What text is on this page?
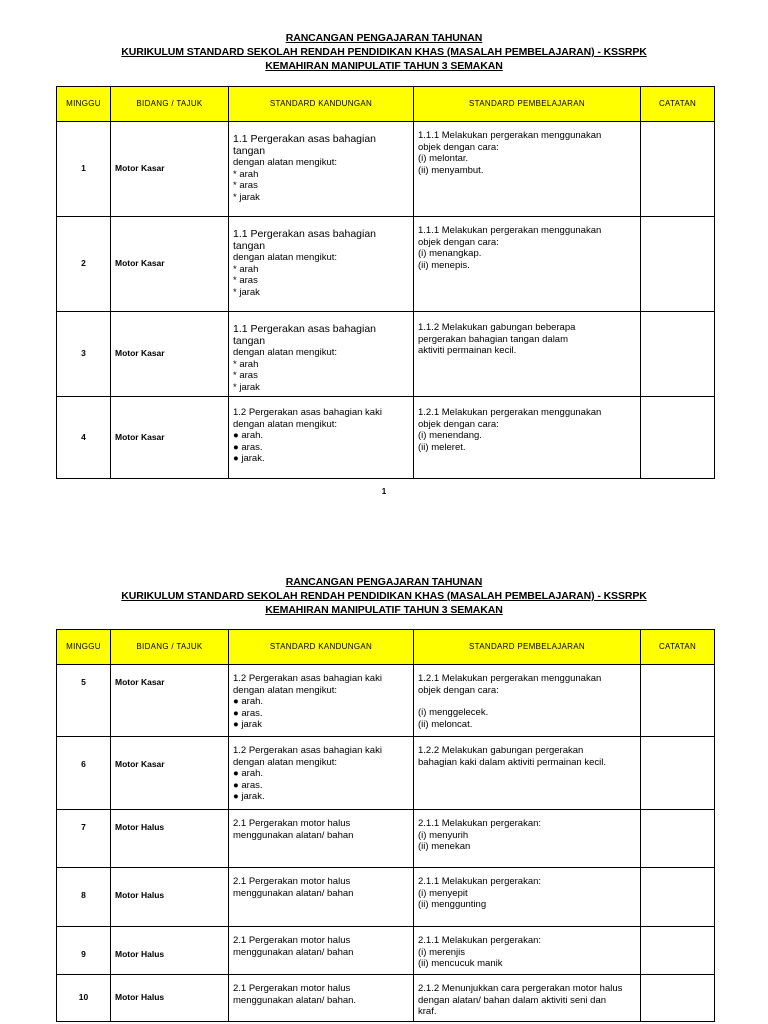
RANCANGAN PENGAJARAN TAHUNAN
KURIKULUM STANDARD SEKOLAH RENDAH PENDIDIKAN KHAS (MASALAH PEMBELAJARAN) - KSSRPK
KEMAHIRAN MANIPULATIF TAHUN 3 SEMAKAN
MINGGU	BIDANG / TAJUK	STANDARD KANDUNGAN	STANDARD PEMBELAJARAN	CATATAN
1	Motor Kasar	1.1 Pergerakan asas bahagian tangan
dengan alatan mengikut:
* arah
* aras
* jarak	1.1.1 Melakukan pergerakan menggunakan
objek dengan cara:
(i) melontar.
(ii) menyambut.	

2	Motor Kasar	1.1 Pergerakan asas bahagian tangan
dengan alatan mengikut:
* arah
* aras
* jarak	1.1.1 Melakukan pergerakan menggunakan
objek dengan cara:
(i) menangkap.
(ii) menepis.	

3	Motor Kasar	1.1 Pergerakan asas bahagian tangan
dengan alatan mengikut:
* arah
* aras
* jarak	1.1.2 Melakukan gabungan beberapa
pergerakan bahagian tangan dalam
aktiviti permainan kecil.	

4	Motor Kasar	1.2 Pergerakan asas bahagian kaki
dengan alatan mengikut:
● arah.
● aras.
● jarak.	1.2.1 Melakukan pergerakan menggunakan
objek dengan cara:
(i) menendang.
(ii) meleret.	

1
RANCANGAN PENGAJARAN TAHUNAN
KURIKULUM STANDARD SEKOLAH RENDAH PENDIDIKAN KHAS (MASALAH PEMBELAJARAN) - KSSRPK
KEMAHIRAN MANIPULATIF TAHUN 3 SEMAKAN
MINGGU	BIDANG / TAJUK	STANDARD KANDUNGAN	STANDARD PEMBELAJARAN	CATATAN
5	Motor Kasar	1.2 Pergerakan asas bahagian kaki
dengan alatan mengikut:
● arah.
● aras.
● jarak	1.2.1 Melakukan pergerakan menggunakan
objek dengan cara:
(i) menggelecek.
(ii) meloncat.	

6	Motor Kasar	1.2 Pergerakan asas bahagian kaki
dengan alatan mengikut:
● arah.
● aras.
● jarak.	1.2.2 Melakukan gabungan pergerakan
bahagian kaki dalam aktiviti permainan kecil.	

7	Motor Halus	2.1 Pergerakan motor halus
menggunakan alatan/ bahan	2.1.1 Melakukan pergerakan:
(i) menyurih
(ii) menekan	

8	Motor Halus	2.1 Pergerakan motor halus
menggunakan alatan/ bahan	2.1.1 Melakukan pergerakan:
(i) menyepit
(ii) menggunting	

9	Motor Halus	2.1 Pergerakan motor halus
menggunakan alatan/ bahan	2.1.1 Melakukan pergerakan:
(i) merenjis
(ii) mencucuk manik	

10	Motor Halus	2.1 Pergerakan motor halus
menggunakan alatan/ bahan.	2.1.2 Menunjukkan cara pergerakan motor halus
dengan alatan/ bahan dalam aktiviti seni dan
kraf.	
